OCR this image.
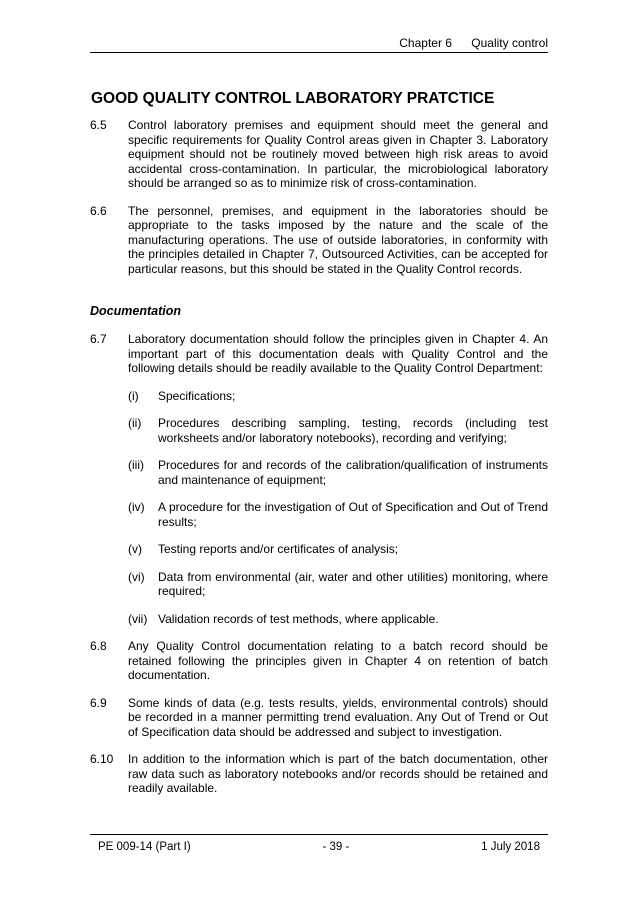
Chapter 6 Quality control
GOOD QUALITY CONTROL LABORATORY PRATCTICE
6.5	Control laboratory premises and equipment should meet the general and specific requirements for Quality Control areas given in Chapter 3. Laboratory equipment should not be routinely moved between high risk areas to avoid accidental cross-contamination. In particular, the microbiological laboratory should be arranged so as to minimize risk of cross-contamination.
6.6	The personnel, premises, and equipment in the laboratories should be appropriate to the tasks imposed by the nature and the scale of the manufacturing operations. The use of outside laboratories, in conformity with the principles detailed in Chapter 7, Outsourced Activities, can be accepted for particular reasons, but this should be stated in the Quality Control records.
Documentation
6.7	Laboratory documentation should follow the principles given in Chapter 4. An important part of this documentation deals with Quality Control and the following details should be readily available to the Quality Control Department:
(i)	Specifications;
(ii)	Procedures describing sampling, testing, records (including test worksheets and/or laboratory notebooks), recording and verifying;
(iii)	Procedures for and records of the calibration/qualification of instruments and maintenance of equipment;
(iv)	A procedure for the investigation of Out of Specification and Out of Trend results;
(v)	Testing reports and/or certificates of analysis;
(vi)	Data from environmental (air, water and other utilities) monitoring, where required;
(vii) Validation records of test methods, where applicable.
6.8	Any Quality Control documentation relating to a batch record should be retained following the principles given in Chapter 4 on retention of batch documentation.
6.9	Some kinds of data (e.g. tests results, yields, environmental controls) should be recorded in a manner permitting trend evaluation. Any Out of Trend or Out of Specification data should be addressed and subject to investigation.
6.10	In addition to the information which is part of the batch documentation, other raw data such as laboratory notebooks and/or records should be retained and readily available.
PE 009-14 (Part I)	- 39 -	1 July 2018
